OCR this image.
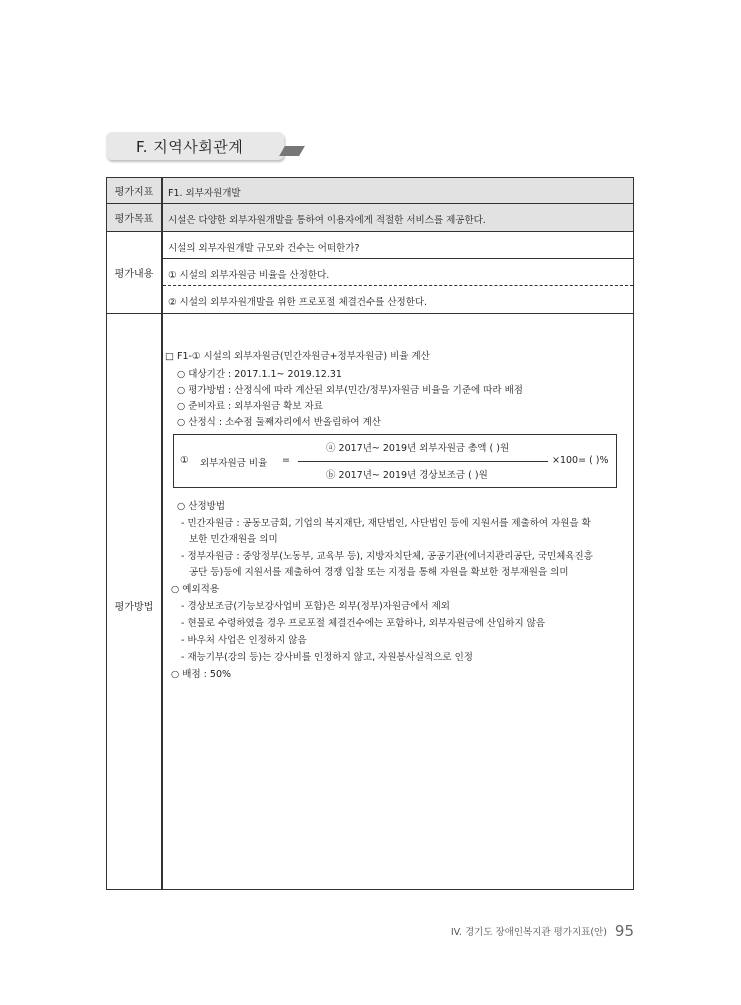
F. 지역사회관계
평가지표	F1. 외부자원개발
평가목표	시설은 다양한 외부자원개발을 통하여 이용자에게 적절한 서비스를 제공한다.
평가내용
시설의 외부자원개발 규모와 건수는 어떠한가?
① 시설의 외부자원금 비율을 산정한다.
② 시설의 외부자원개발을 위한 프로포절 체결건수를 산정한다.
평가방법
□ F1-① 시설의 외부자원금(민간자원금+정부자원금) 비율 계산
○ 대상기간 : 2017.1.1~ 2019.12.31
○ 평가방법 : 산정식에 따라 계산된 외부(민간/정부)자원금 비율을 기준에 따라 배점
○ 준비자료 : 외부자원금 확보 자료
○ 산정식 : 소수점 둘째자리에서 반올림하여 계산
① 외부자원금 비율 =
ⓐ 2017년~ 2019년 외부자원금 총액 ( )원
ⓑ 2017년~ 2019년 경상보조금 ( )원
×100= ( )%
○ 산정방법
- 민간자원금 : 공동모금회, 기업의 복지재단, 재단법인, 사단법인 등에 지원서를 제출하여 자원을 확
보한 민간재원을 의미
- 정부자원금 : 중앙정부(노동부, 교육부 등), 지방자치단체, 공공기관(에너지관리공단, 국민체육진흥
공단 등)등에 지원서를 제출하여 경쟁 입찰 또는 지정을 통해 자원을 확보한 정부재원을 의미
○ 예외적용
- 경상보조금(기능보강사업비 포함)은 외부(정부)자원금에서 제외
- 현물로 수령하였을 경우 프로포절 체결건수에는 포함하나, 외부자원금에 산입하지 않음
- 바우처 사업은 인정하지 않음
- 재능기부(강의 등)는 강사비를 인정하지 않고, 자원봉사실적으로 인정
○ 배점 : 50%
IV. 경기도 장애인복지관 평가지표(안) 95
